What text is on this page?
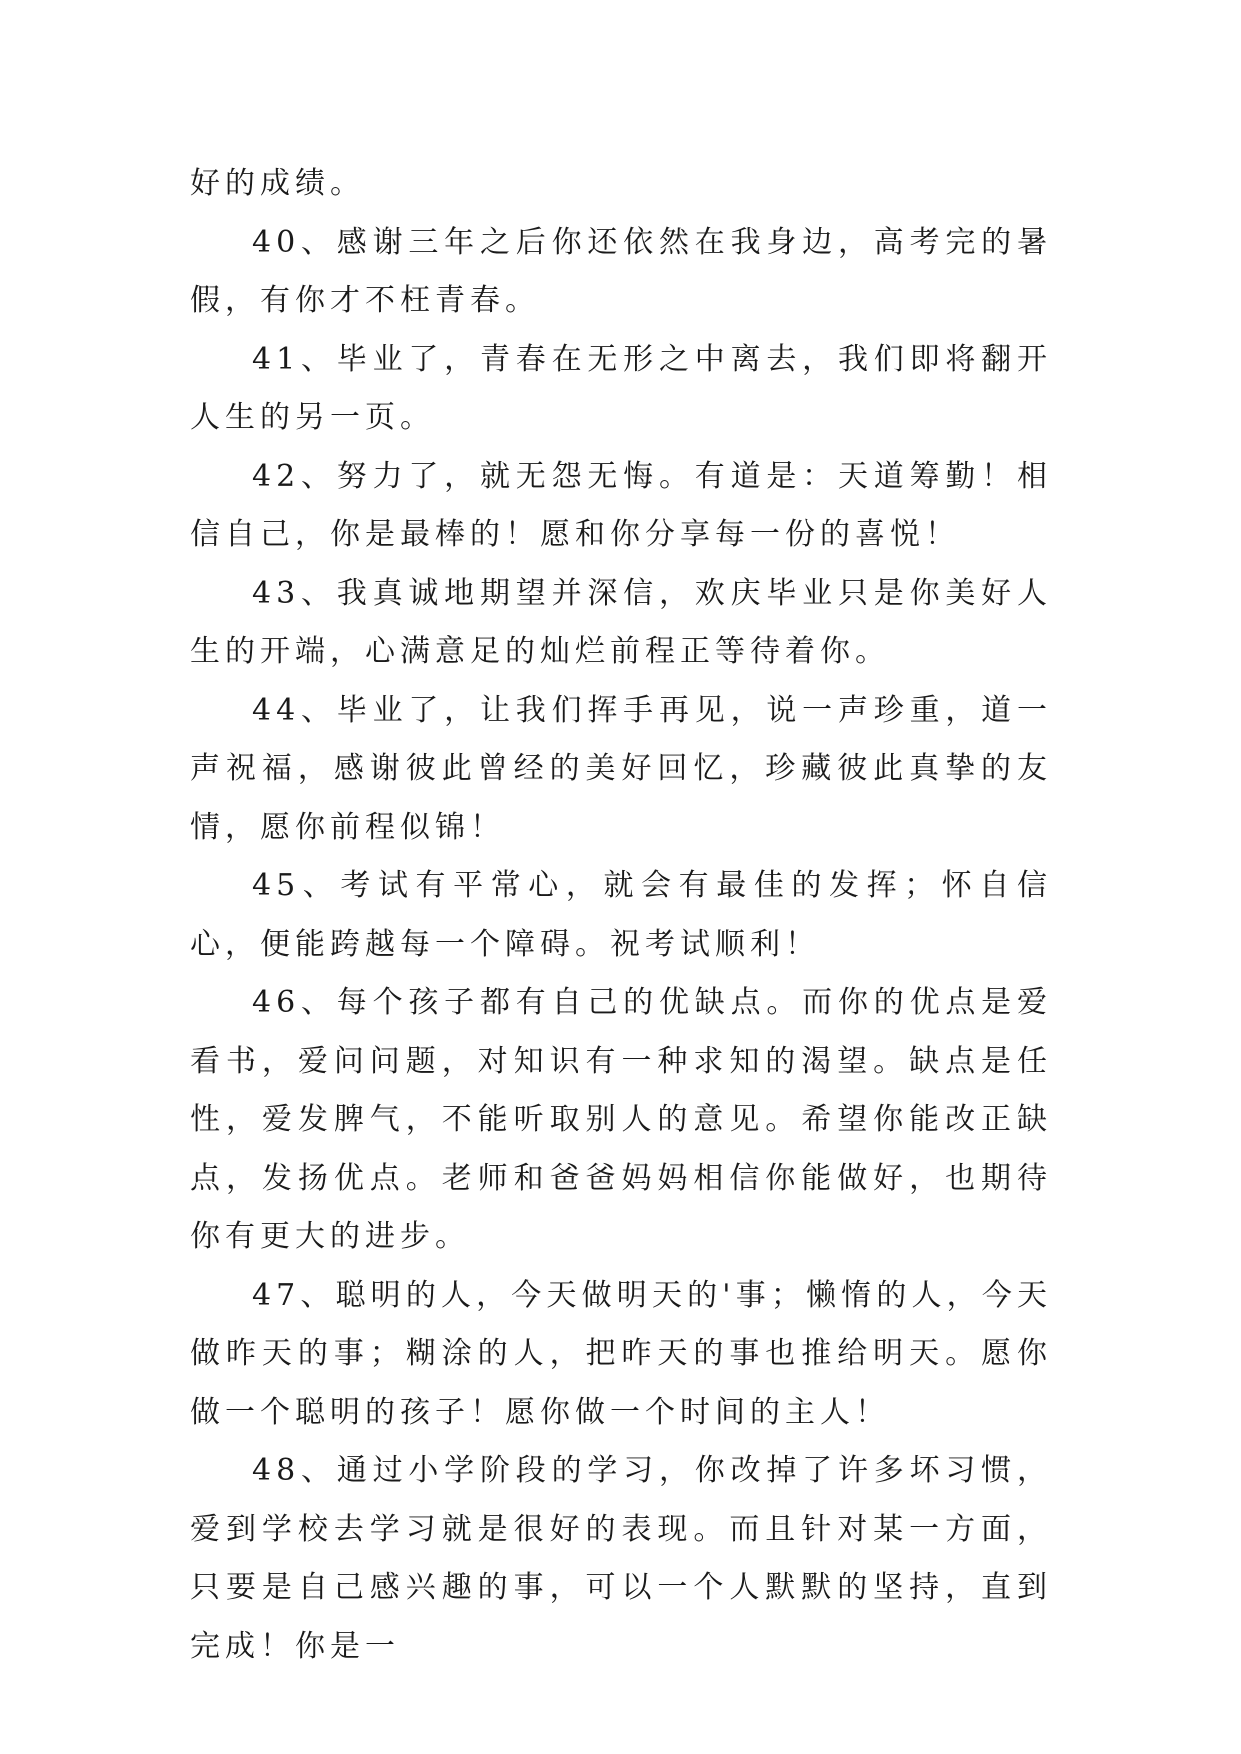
好的成绩。

40、感谢三年之后你还依然在我身边，高考完的暑假，有你才不枉青春。

41、毕业了，青春在无形之中离去，我们即将翻开人生的另一页。

42、努力了，就无怨无悔。有道是：天道筹勤！相信自己，你是最棒的！愿和你分享每一份的喜悦！

43、我真诚地期望并深信，欢庆毕业只是你美好人生的开端，心满意足的灿烂前程正等待着你。

44、毕业了，让我们挥手再见，说一声珍重，道一声祝福，感谢彼此曾经的美好回忆，珍藏彼此真挚的友情，愿你前程似锦！

45、考试有平常心，就会有最佳的发挥；怀自信心，便能跨越每一个障碍。祝考试顺利！

46、每个孩子都有自己的优缺点。而你的优点是爱看书，爱问问题，对知识有一种求知的渴望。缺点是任性，爱发脾气，不能听取别人的意见。希望你能改正缺点，发扬优点。老师和爸爸妈妈相信你能做好，也期待你有更大的进步。

47、聪明的人，今天做明天的'事；懒惰的人，今天做昨天的事；糊涂的人，把昨天的事也推给明天。愿你做一个聪明的孩子！愿你做一个时间的主人！

48、通过小学阶段的学习，你改掉了许多坏习惯，爱到学校去学习就是很好的表现。而且针对某一方面，只要是自己感兴趣的事，可以一个人默默的坚持，直到完成！你是一
